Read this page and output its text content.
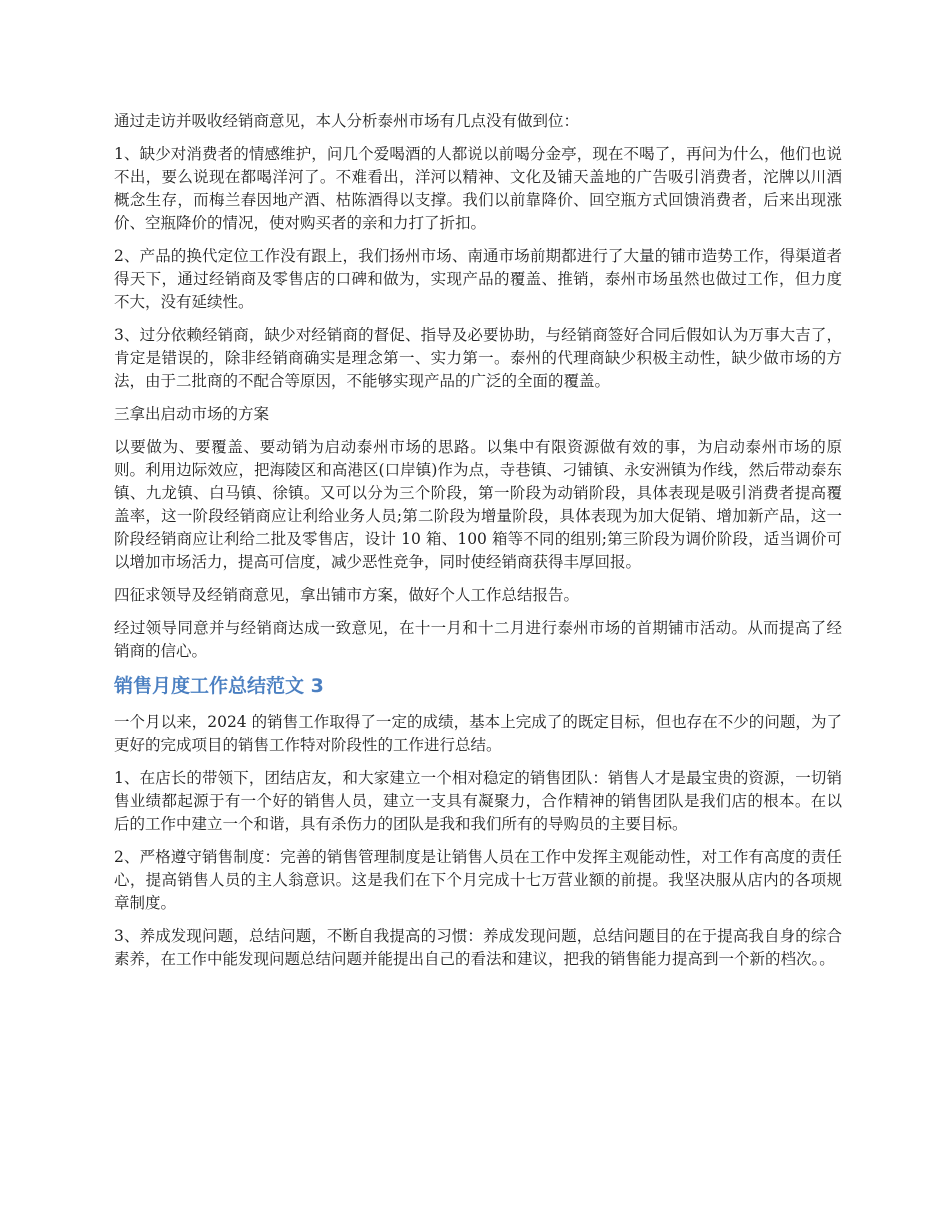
通过走访并吸收经销商意见，本人分析泰州市场有几点没有做到位：

1、缺少对消费者的情感维护，问几个爱喝酒的人都说以前喝分金亭，现在不喝了，再问为什么，他们也说不出，要么说现在都喝洋河了。不难看出，洋河以精神、文化及铺天盖地的广告吸引消费者，沱牌以川酒概念生存，而梅兰春因地产酒、枯陈酒得以支撑。我们以前靠降价、回空瓶方式回馈消费者，后来出现涨价、空瓶降价的情况，使对购买者的亲和力打了折扣。

2、产品的换代定位工作没有跟上，我们扬州市场、南通市场前期都进行了大量的铺市造势工作，得渠道者得天下，通过经销商及零售店的口碑和做为，实现产品的覆盖、推销，泰州市场虽然也做过工作，但力度不大，没有延续性。

3、过分依赖经销商，缺少对经销商的督促、指导及必要协助，与经销商签好合同后假如认为万事大吉了，肯定是错误的，除非经销商确实是理念第一、实力第一。泰州的代理商缺少积极主动性，缺少做市场的方法，由于二批商的不配合等原因，不能够实现产品的广泛的全面的覆盖。

三拿出启动市场的方案

以要做为、要覆盖、要动销为启动泰州市场的思路。以集中有限资源做有效的事，为启动泰州市场的原则。利用边际效应，把海陵区和高港区(口岸镇)作为点，寺巷镇、刁铺镇、永安洲镇为作线，然后带动泰东镇、九龙镇、白马镇、徐镇。又可以分为三个阶段，第一阶段为动销阶段，具体表现是吸引消费者提高覆盖率，这一阶段经销商应让利给业务人员;第二阶段为增量阶段，具体表现为加大促销、增加新产品，这一阶段经销商应让利给二批及零售店，设计 10 箱、100 箱等不同的组别;第三阶段为调价阶段，适当调价可以增加市场活力，提高可信度，减少恶性竞争，同时使经销商获得丰厚回报。

四征求领导及经销商意见，拿出铺市方案，做好个人工作总结报告。

经过领导同意并与经销商达成一致意见，在十一月和十二月进行泰州市场的首期铺市活动。从而提高了经销商的信心。

销售月度工作总结范文 3

一个月以来，2024 的销售工作取得了一定的成绩，基本上完成了的既定目标，但也存在不少的问题，为了更好的完成项目的销售工作特对阶段性的工作进行总结。

1、在店长的带领下，团结店友，和大家建立一个相对稳定的销售团队：销售人才是最宝贵的资源，一切销售业绩都起源于有一个好的销售人员，建立一支具有凝聚力，合作精神的销售团队是我们店的根本。在以后的工作中建立一个和谐，具有杀伤力的团队是我和我们所有的导购员的主要目标。

2、严格遵守销售制度：完善的销售管理制度是让销售人员在工作中发挥主观能动性，对工作有高度的责任心，提高销售人员的主人翁意识。这是我们在下个月完成十七万营业额的前提。我坚决服从店内的各项规章制度。

3、养成发现问题，总结问题，不断自我提高的习惯：养成发现问题，总结问题目的在于提高我自身的综合素养，在工作中能发现问题总结问题并能提出自己的看法和建议，把我的销售能力提高到一个新的档次。。
